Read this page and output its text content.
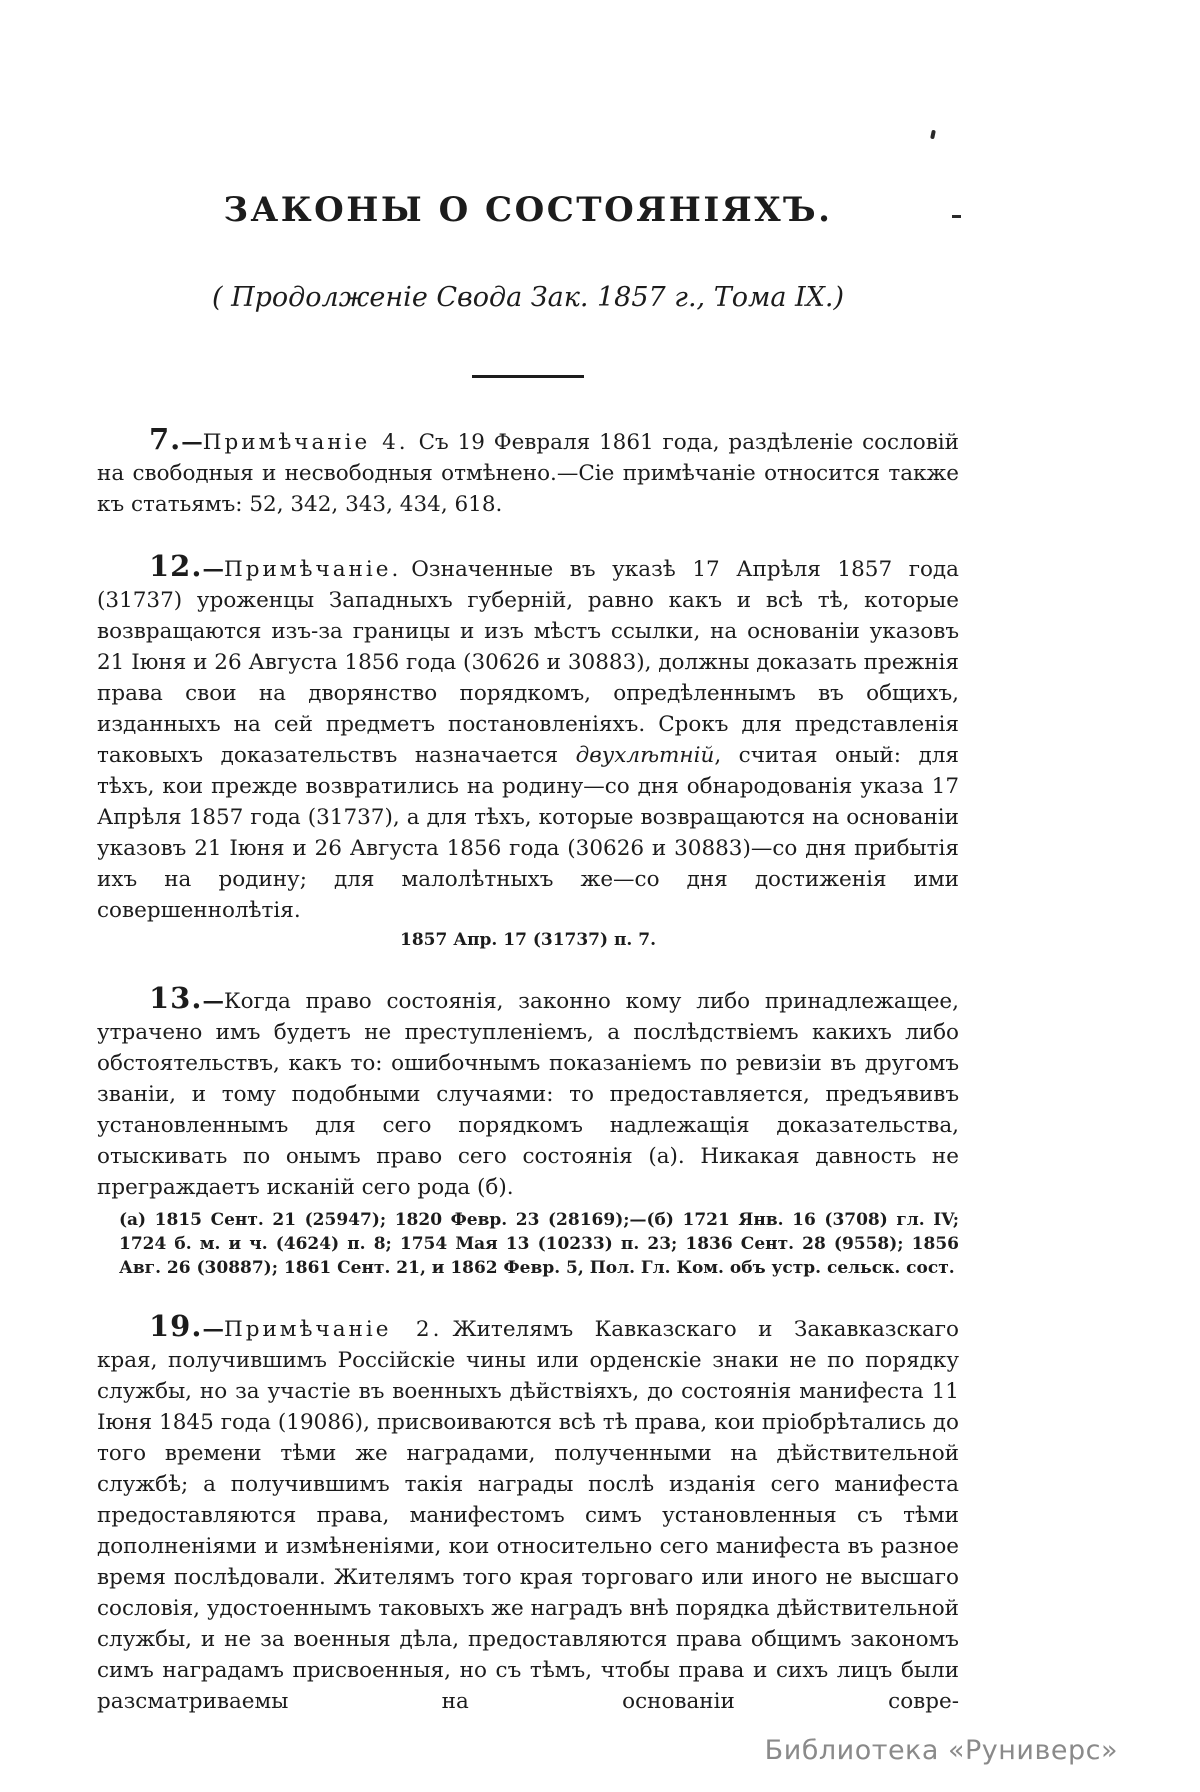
ЗАКОНЫ О СОСТОЯНІЯХЪ.
( Продолженіе Свода Зак. 1857 г., Тома IX.)

7.—Примѣчаніе 4. Съ 19 Февраля 1861 года, раздѣленіе сословій на свободныя и несвободныя отмѣнено.—Сіе примѣчаніе относится также къ статьямъ: 52, 342, 343, 434, 618.

12.—Примѣчаніе. Означенные въ указѣ 17 Апрѣля 1857 года (31737) уроженцы Западныхъ губерній, равно какъ и всѣ тѣ, которые возвращаются изъ-за границы и изъ мѣстъ ссылки, на основаніи указовъ 21 Іюня и 26 Августа 1856 года (30626 и 30883), должны доказать прежнія права свои на дворянство порядкомъ, опредѣленнымъ въ общихъ, изданныхъ на сей предметъ постановленіяхъ. Срокъ для представленія таковыхъ доказательствъ назначается двухлѣтній, считая оный: для тѣхъ, кои прежде возвратились на родину—со дня обнародованія указа 17 Апрѣля 1857 года (31737), а для тѣхъ, которые возвращаются на основаніи указовъ 21 Іюня и 26 Августа 1856 года (30626 и 30883)—со дня прибытія ихъ на родину; для малолѣтныхъ же—со дня достиженія ими совершеннолѣтія.

1857 Апр. 17 (31737) п. 7.

13.—Когда право состоянія, законно кому либо принадлежащее, утрачено имъ будетъ не преступленіемъ, а послѣдствіемъ какихъ либо обстоятельствъ, какъ то: ошибочнымъ показаніемъ по ревизіи въ другомъ званіи, и тому подобными случаями: то предоставляется, предъявивъ установленнымъ для сего порядкомъ надлежащія доказательства, отыскивать по онымъ право сего состоянія (а). Никакая давность не преграждаетъ исканій сего рода (б).

(а) 1815 Сент. 21 (25947); 1820 Февр. 23 (28169);—(б) 1721 Янв. 16 (3708) гл. IV; 1724 б. м. и ч. (4624) п. 8; 1754 Мая 13 (10233) п. 23; 1836 Сент. 28 (9558); 1856 Авг. 26 (30887); 1861 Сент. 21, и 1862 Февр. 5, Пол. Гл. Ком. объ устр. сельск. сост.

19.—Примѣчаніе 2. Жителямъ Кавказскаго и Закавказскаго края, получившимъ Россійскіе чины или орденскіе знаки не по порядку службы, но за участіе въ военныхъ дѣйствіяхъ, до состоянія манифеста 11 Іюня 1845 года (19086), присвоиваются всѣ тѣ права, кои пріобрѣтались до того времени тѣми же наградами, полученными на дѣйствительной службѣ; а получившимъ такія награды послѣ изданія сего манифеста предоставляются права, манифестомъ симъ установленныя съ тѣми дополненіями и измѣненіями, кои относительно сего манифеста въ разное время послѣдовали. Жителямъ того края торговаго или иного не высшаго сословія, удостоеннымъ таковыхъ же наградъ внѣ порядка дѣйствительной службы, и не за военныя дѣла, предоставляются права общимъ закономъ симъ наградамъ присвоенныя, но съ тѣмъ, чтобы права и сихъ лицъ были разсматриваемы на основаніи совре-

Библиотека «Руниверс»
